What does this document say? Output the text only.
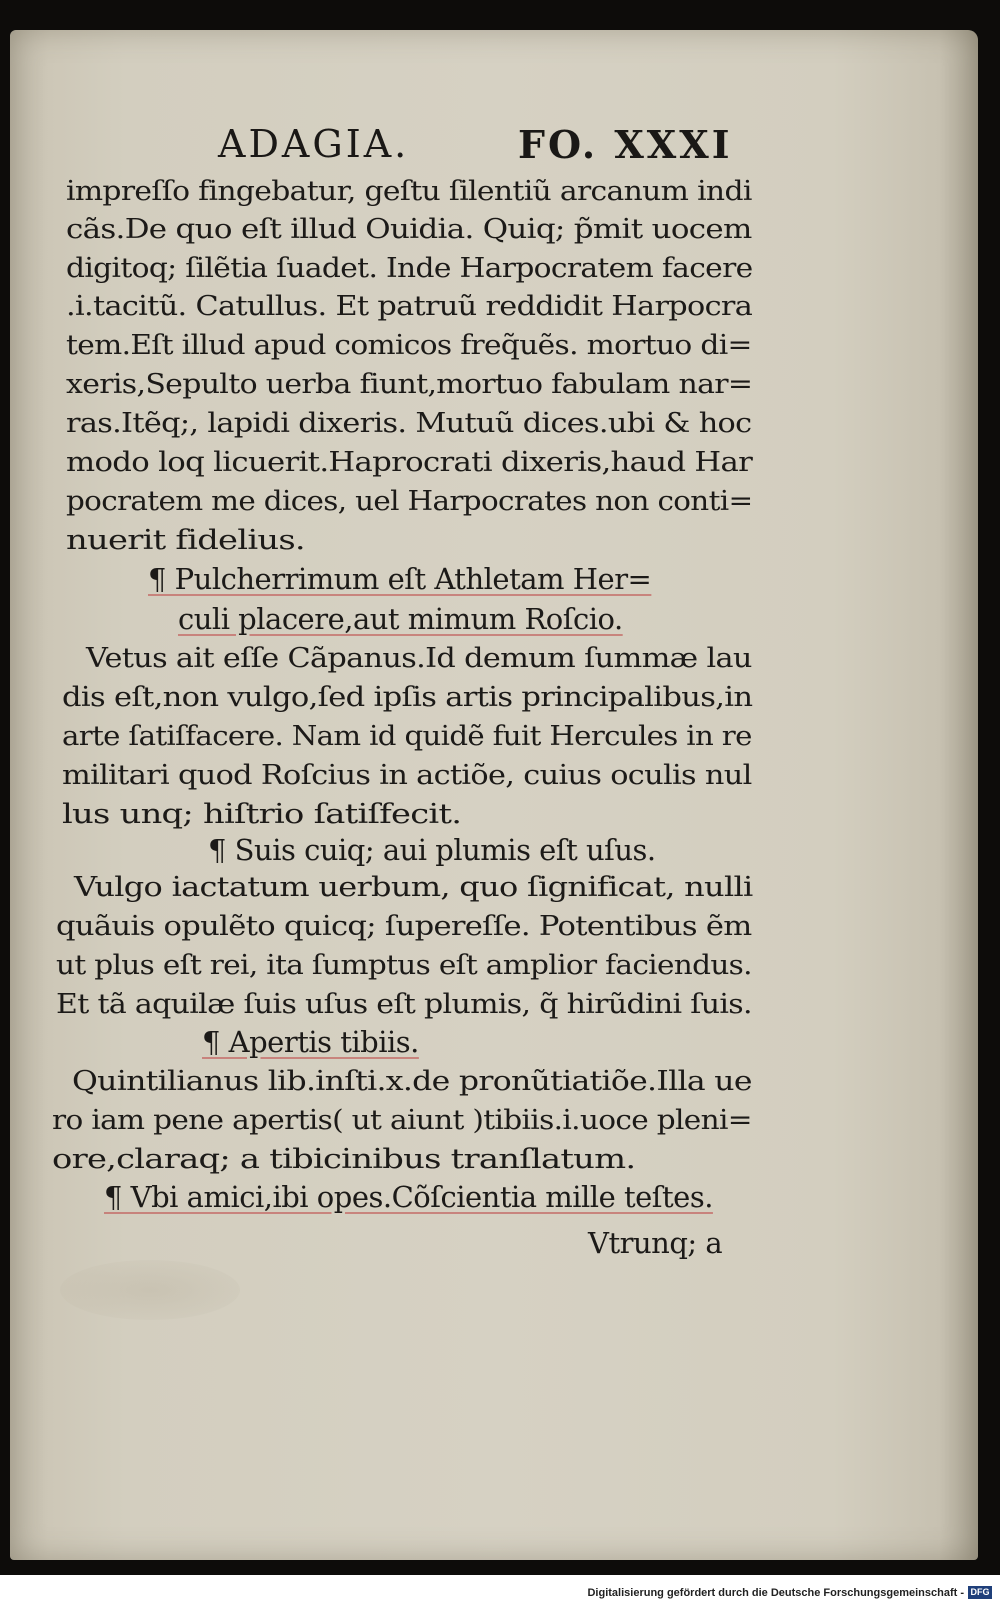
ADAGIA.	FO. XXXI
impreſſo fingebatur, geſtu ſilentiũ arcanum indi
cãs.De quo eſt illud Ouidia. Quiq; p̃mit uocem
digitoq; ſilẽtia ſuadet. Inde Harpocratem facere
.i.tacitũ. Catullus. Et patruũ reddidit Harpocra
tem.Eſt illud apud comicos freq̃uẽs. mortuo di=
xeris,Sepulto uerba fiunt,mortuo fabulam nar=
ras.Itẽq;, lapidi dixeris. Mutuũ dices.ubi & hoc
modo loq licuerit.Haprocrati dixeris,haud Har
pocratem me dices, uel Harpocrates non conti=
nuerit fidelius.
¶ Pulcherrimum eſt Athletam Her=
culi placere,aut mimum Roſcio.
Vetus ait eſſe Cãpanus.Id demum ſummæ lau
dis eſt,non vulgo,ſed ipſis artis principalibus,in
arte ſatiſfacere. Nam id quidẽ fuit Hercules in re
militari quod Roſcius in actiõe, cuius oculis nul
lus unq; hiſtrio ſatiſfecit.
¶ Suis cuiq; aui plumis eſt uſus.
Vulgo iactatum uerbum, quo ſignificat, nulli
quãuis opulẽto quicq; ſupereſſe. Potentibus ẽm
ut plus eſt rei, ita ſumptus eſt amplior faciendus.
Et tã aquilæ ſuis uſus eſt plumis, q̃ hirũdini ſuis.
¶ Apertis tibiis.
Quintilianus lib.inſti.x.de pronũtiatiõe.Illa ue
ro iam pene apertis( ut aiunt )tibiis.i.uoce pleni=
ore,claraq; a tibicinibus tranſlatum.
¶ Vbi amici,ibi opes.Cõſcientia mille teſtes.
Vtrunq; a
Digitalisierung gefördert durch die Deutsche Forschungsgemeinschaft - DFG
